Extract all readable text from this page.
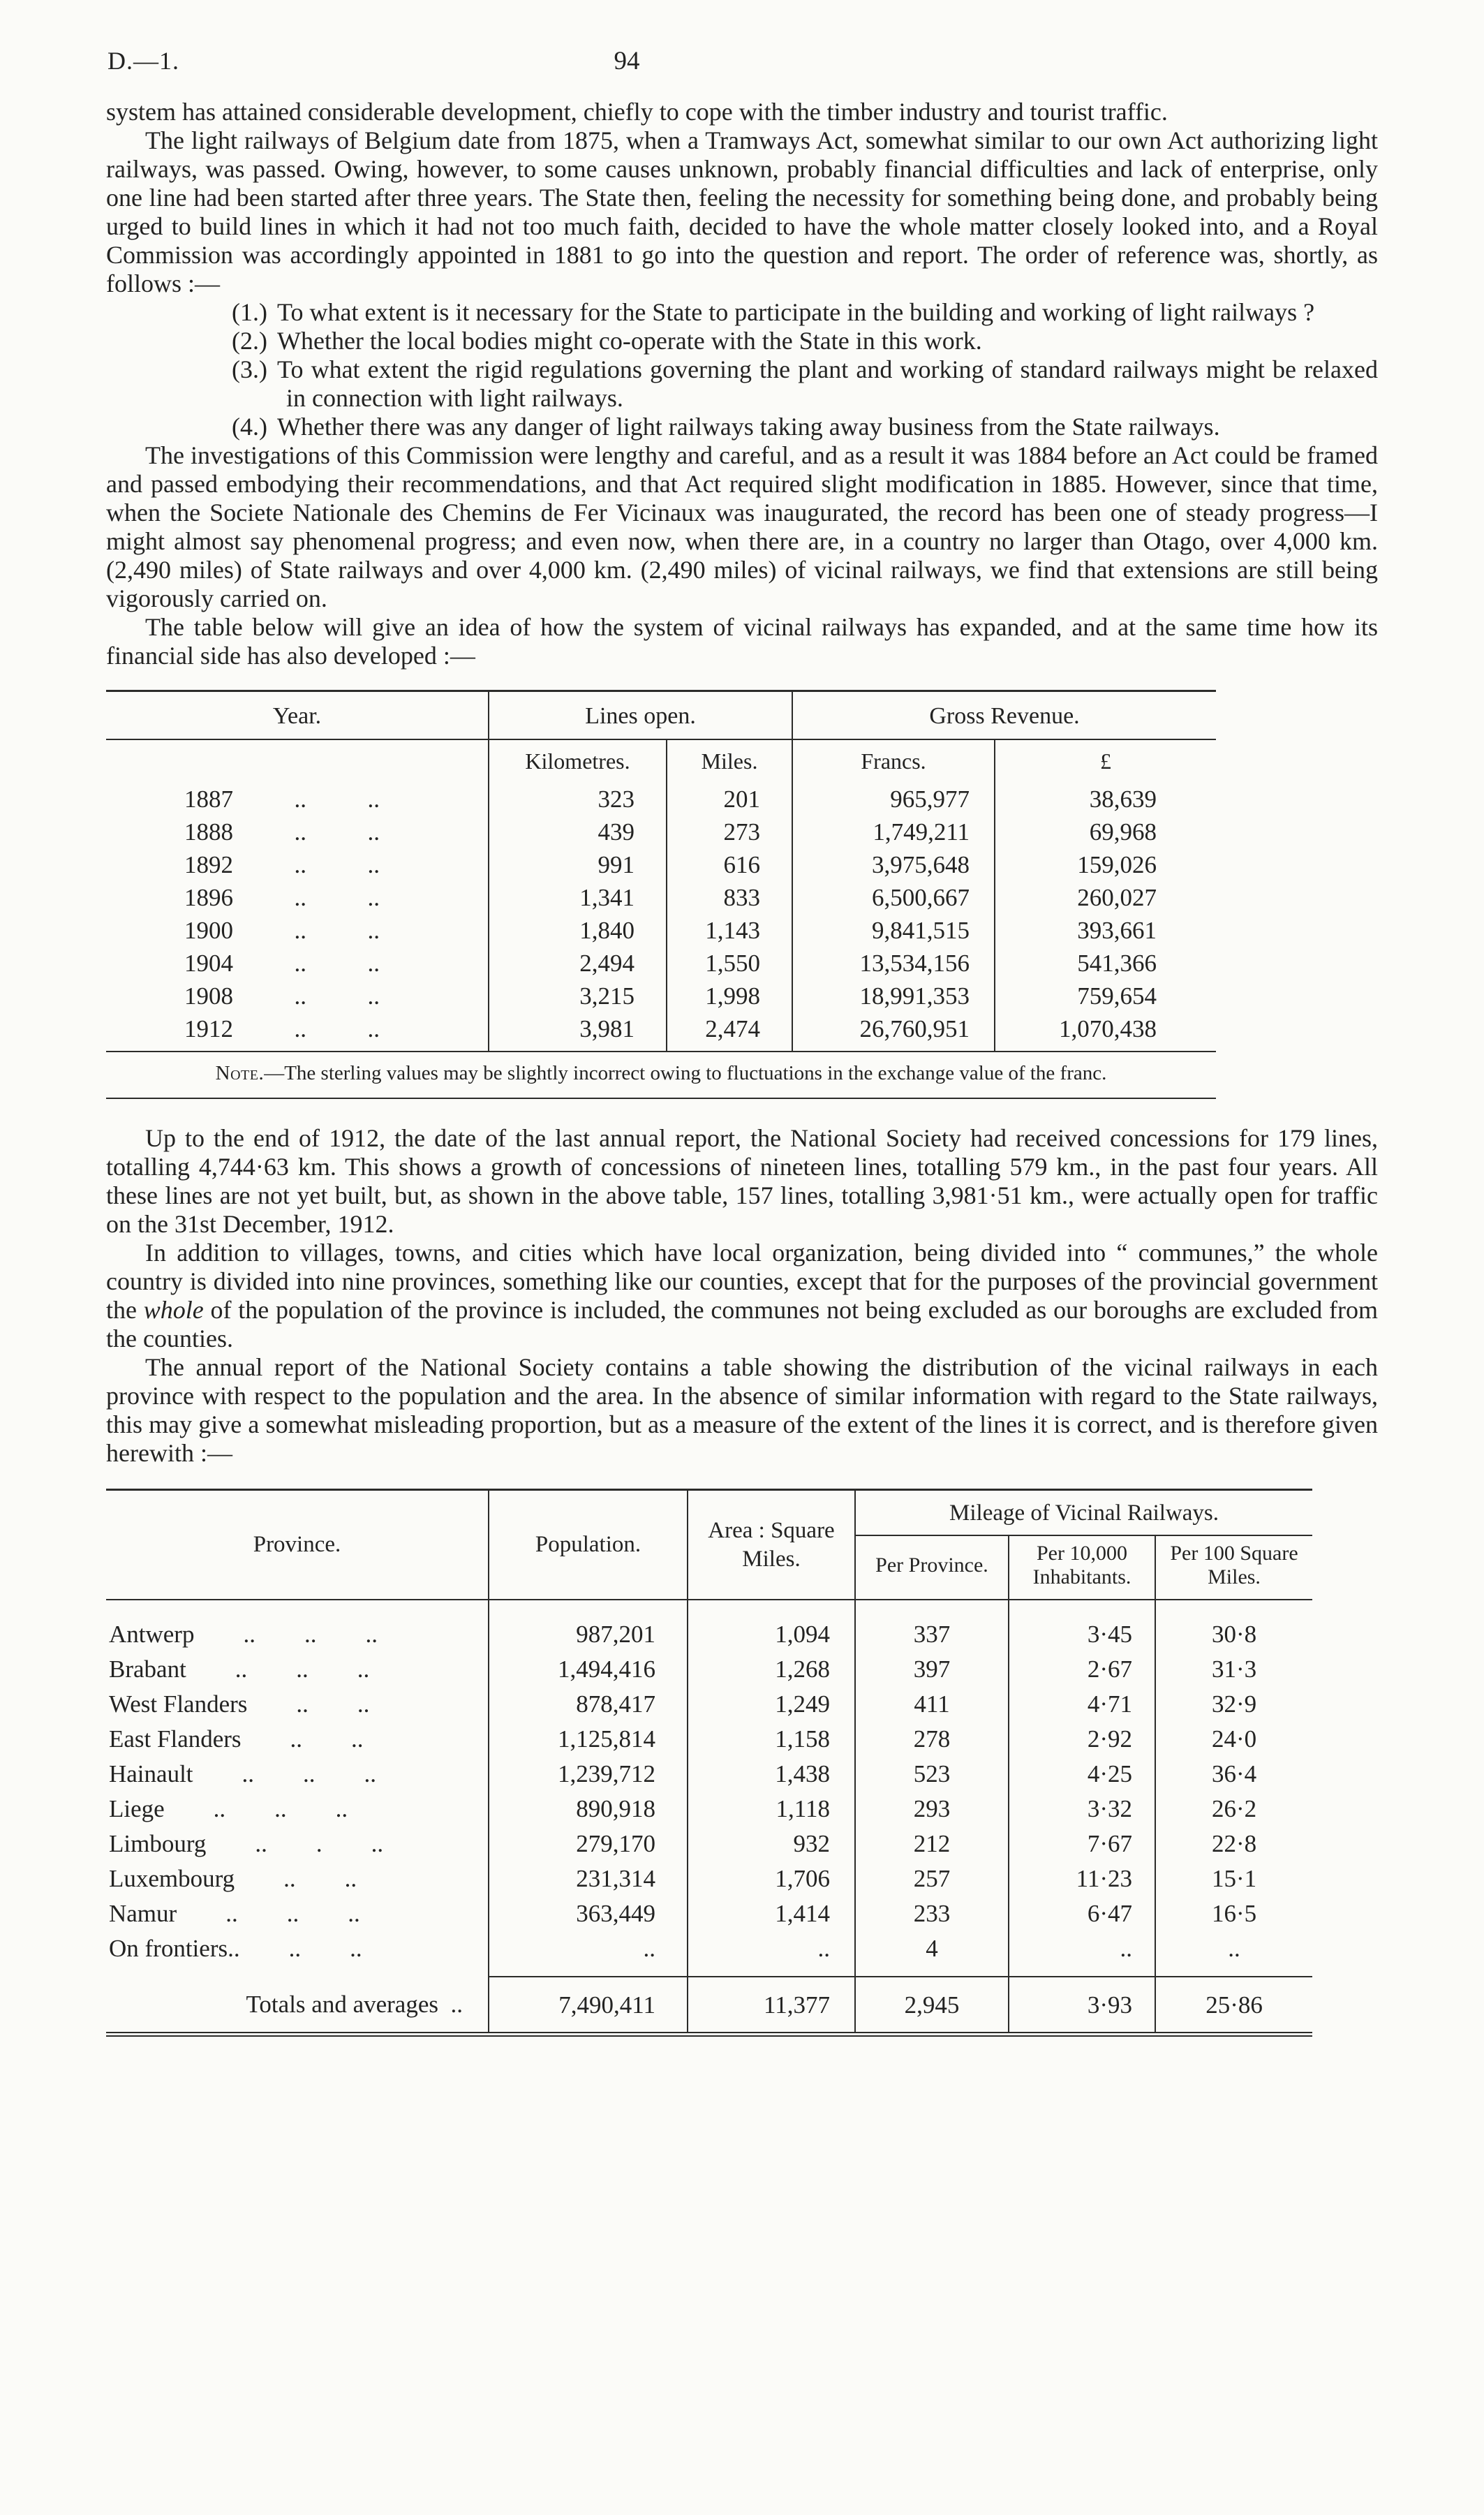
D.—1.	94

system has attained considerable development, chiefly to cope with the timber industry and tourist traffic.

The light railways of Belgium date from 1875, when a Tramways Act, somewhat similar to our own Act authorizing light railways, was passed. Owing, however, to some causes unknown, probably financial difficulties and lack of enterprise, only one line had been started after three years. The State then, feeling the necessity for something being done, and probably being urged to build lines in which it had not too much faith, decided to have the whole matter closely looked into, and a Royal Commission was accordingly appointed in 1881 to go into the question and report. The order of reference was, shortly, as follows :—

(1.) To what extent is it necessary for the State to participate in the building and working of light railways ?
(2.) Whether the local bodies might co-operate with the State in this work.
(3.) To what extent the rigid regulations governing the plant and working of standard railways might be relaxed in connection with light railways.
(4.) Whether there was any danger of light railways taking away business from the State railways.

The investigations of this Commission were lengthy and careful, and as a result it was 1884 before an Act could be framed and passed embodying their recommendations, and that Act required slight modification in 1885. However, since that time, when the Societe Nationale des Chemins de Fer Vicinaux was inaugurated, the record has been one of steady progress—I might almost say phenomenal progress; and even now, when there are, in a country no larger than Otago, over 4,000 km. (2,490 miles) of State railways and over 4,000 km. (2,490 miles) of vicinal railways, we find that extensions are still being vigorously carried on.

The table below will give an idea of how the system of vicinal railways has expanded, and at the same time how its financial side has also developed :—

Year.	Lines open.		Gross Revenue.	
	Kilometres.	Miles.	Francs.	£
1887          ..          ..	323	201	965,977	38,639
1888          ..          ..	439	273	1,749,211	69,968
1892          ..          ..	991	616	3,975,648	159,026
1896          ..          ..	1,341	833	6,500,667	260,027
1900          ..          ..	1,840	1,143	9,841,515	393,661
1904          ..          ..	2,494	1,550	13,534,156	541,366
1908          ..          ..	3,215	1,998	18,991,353	759,654
1912          ..          ..	3,981	2,474	26,760,951	1,070,438
Note.—The sterling values may be slightly incorrect owing to fluctuations in the exchange value of the franc.

Up to the end of 1912, the date of the last annual report, the National Society had received concessions for 179 lines, totalling 4,744·63 km. This shows a growth of concessions of nineteen lines, totalling 579 km., in the past four years. All these lines are not yet built, but, as shown in the above table, 157 lines, totalling 3,981·51 km., were actually open for traffic on the 31st December, 1912.

In addition to villages, towns, and cities which have local organization, being divided into “ communes,” the whole country is divided into nine provinces, something like our counties, except that for the purposes of the provincial government the whole of the population of the province is included, the communes not being excluded as our boroughs are excluded from the counties.

The annual report of the National Society contains a table showing the distribution of the vicinal railways in each province with respect to the population and the area. In the absence of similar information with regard to the State railways, this may give a somewhat misleading proportion, but as a measure of the extent of the lines it is correct, and is therefore given herewith :—

Province.	Population.	Area : Square Miles.	Mileage of Vicinal Railways.		
			Per Province.	Per 10,000 Inhabitants.	Per 100 Square Miles.
Antwerp        ..        ..        ..	987,201	1,094	337	3·45	30·8
Brabant        ..        ..        ..	1,494,416	1,268	397	2·67	31·3
West Flanders        ..        ..	878,417	1,249	411	4·71	32·9
East Flanders        ..        ..	1,125,814	1,158	278	2·92	24·0
Hainault        ..        ..        ..	1,239,712	1,438	523	4·25	36·4
Liege        ..        ..        ..	890,918	1,118	293	3·32	26·2
Limbourg        ..        .        ..	279,170	932	212	7·67	22·8
Luxembourg        ..        ..	231,314	1,706	257	11·23	15·1
Namur        ..        ..        ..	363,449	1,414	233	6·47	16·5
On frontiers..        ..        ..	..	..	4	..	..
Totals and averages  ..	7,490,411	11,377	2,945	3·93	25·86
